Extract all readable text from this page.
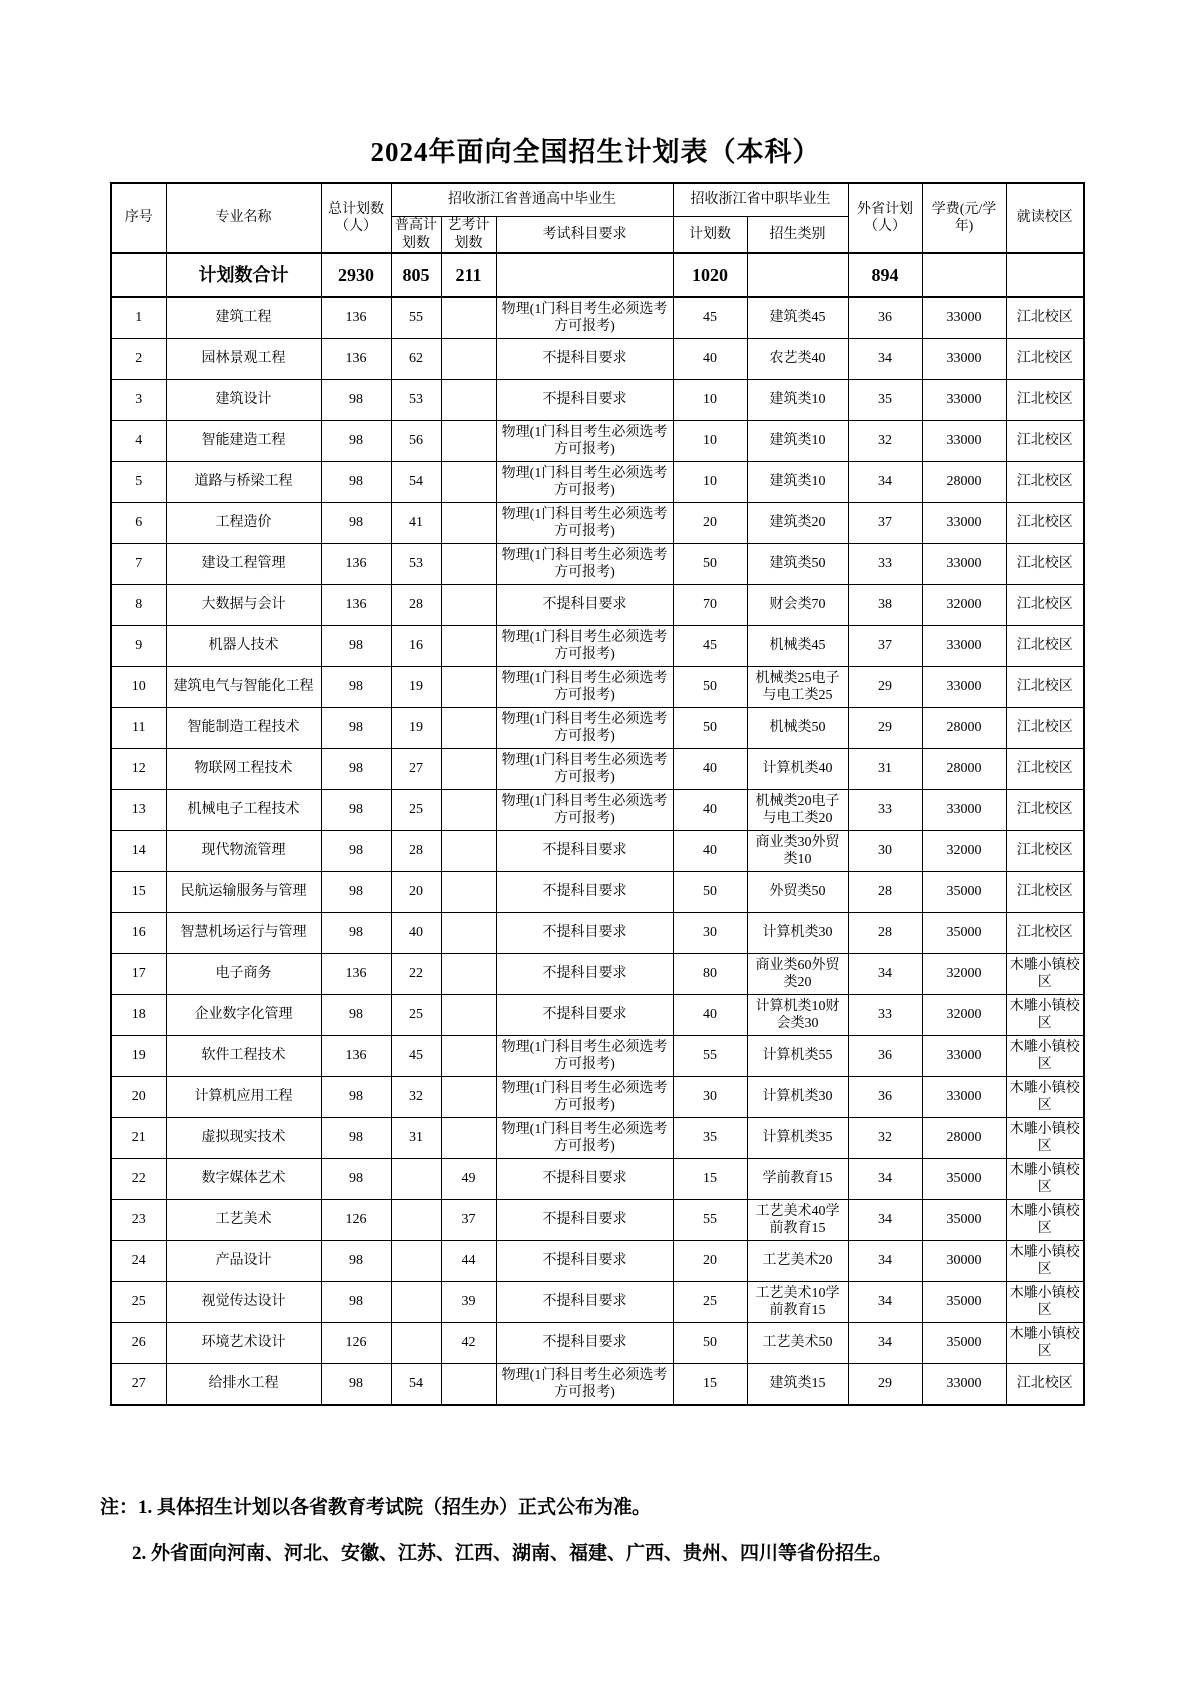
2024年面向全国招生计划表（本科）
序号	专业名称	总计划数（人）	招收浙江省普通高中毕业生			招收浙江省中职毕业生		外省计划（人）	学费(元/学年)	就读校区
			普高计划数	艺考计划数	考试科目要求	计划数	招生类别			
	计划数合计	2930	805	211		1020		894		
1	建筑工程	136	55		物理(1门科目考生必须选考方可报考)	45	建筑类45	36	33000	江北校区
2	园林景观工程	136	62		不提科目要求	40	农艺类40	34	33000	江北校区
3	建筑设计	98	53		不提科目要求	10	建筑类10	35	33000	江北校区
4	智能建造工程	98	56		物理(1门科目考生必须选考方可报考)	10	建筑类10	32	33000	江北校区
5	道路与桥梁工程	98	54		物理(1门科目考生必须选考方可报考)	10	建筑类10	34	28000	江北校区
6	工程造价	98	41		物理(1门科目考生必须选考方可报考)	20	建筑类20	37	33000	江北校区
7	建设工程管理	136	53		物理(1门科目考生必须选考方可报考)	50	建筑类50	33	33000	江北校区
8	大数据与会计	136	28		不提科目要求	70	财会类70	38	32000	江北校区
9	机器人技术	98	16		物理(1门科目考生必须选考方可报考)	45	机械类45	37	33000	江北校区
10	建筑电气与智能化工程	98	19		物理(1门科目考生必须选考方可报考)	50	机械类25电子与电工类25	29	33000	江北校区
11	智能制造工程技术	98	19		物理(1门科目考生必须选考方可报考)	50	机械类50	29	28000	江北校区
12	物联网工程技术	98	27		物理(1门科目考生必须选考方可报考)	40	计算机类40	31	28000	江北校区
13	机械电子工程技术	98	25		物理(1门科目考生必须选考方可报考)	40	机械类20电子与电工类20	33	33000	江北校区
14	现代物流管理	98	28		不提科目要求	40	商业类30外贸类10	30	32000	江北校区
15	民航运输服务与管理	98	20		不提科目要求	50	外贸类50	28	35000	江北校区
16	智慧机场运行与管理	98	40		不提科目要求	30	计算机类30	28	35000	江北校区
17	电子商务	136	22		不提科目要求	80	商业类60外贸类20	34	32000	木雕小镇校区
18	企业数字化管理	98	25		不提科目要求	40	计算机类10财会类30	33	32000	木雕小镇校区
19	软件工程技术	136	45		物理(1门科目考生必须选考方可报考)	55	计算机类55	36	33000	木雕小镇校区
20	计算机应用工程	98	32		物理(1门科目考生必须选考方可报考)	30	计算机类30	36	33000	木雕小镇校区
21	虚拟现实技术	98	31		物理(1门科目考生必须选考方可报考)	35	计算机类35	32	28000	木雕小镇校区
22	数字媒体艺术	98		49	不提科目要求	15	学前教育15	34	35000	木雕小镇校区
23	工艺美术	126		37	不提科目要求	55	工艺美术40学前教育15	34	35000	木雕小镇校区
24	产品设计	98		44	不提科目要求	20	工艺美术20	34	30000	木雕小镇校区
25	视觉传达设计	98		39	不提科目要求	25	工艺美术10学前教育15	34	35000	木雕小镇校区
26	环境艺术设计	126		42	不提科目要求	50	工艺美术50	34	35000	木雕小镇校区
27	给排水工程	98	54		物理(1门科目考生必须选考方可报考)	15	建筑类15	29	33000	江北校区
注：1. 具体招生计划以各省教育考试院（招生办）正式公布为准。
2. 外省面向河南、河北、安徽、江苏、江西、湖南、福建、广西、贵州、四川等省份招生。
